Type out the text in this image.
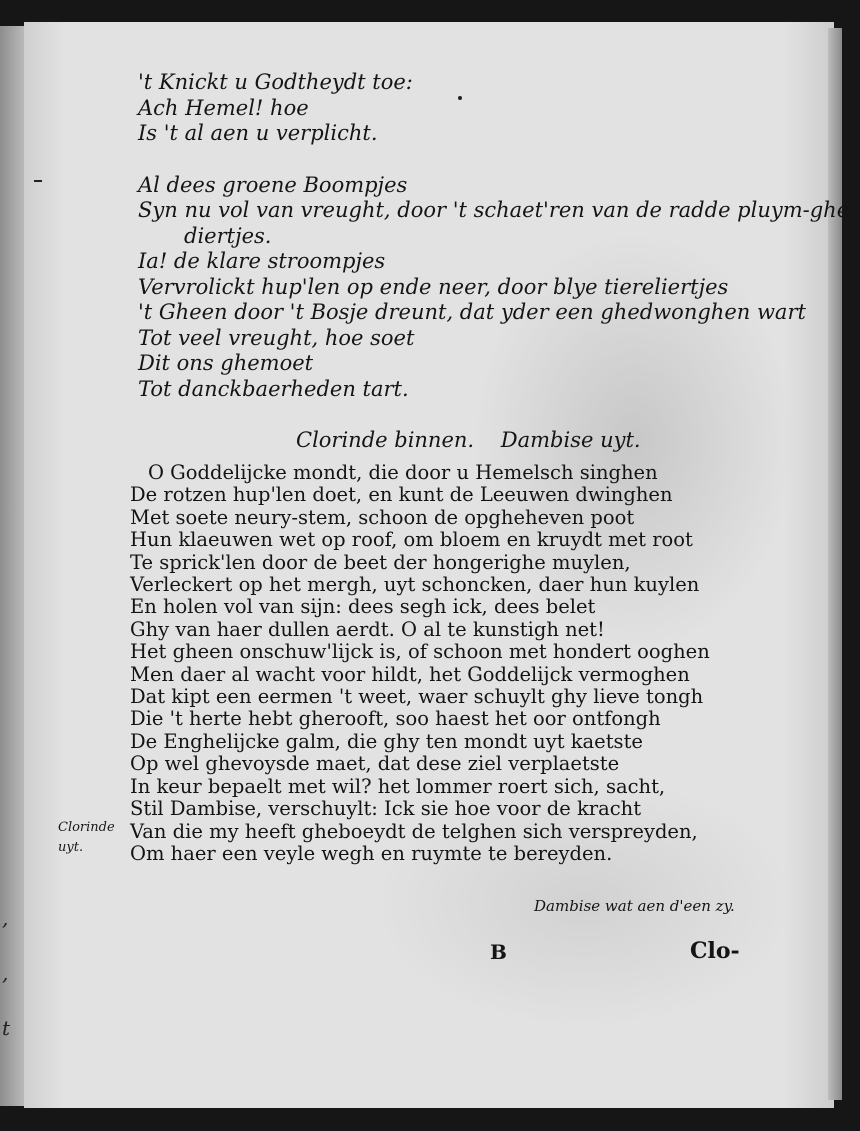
,
,
t
't Knickt u Godtheydt toe:
Ach Hemel! hoe
Is 't al aen u verplicht.
Al dees groene Boompjes
Syn nu vol van vreught, door 't schaet'ren van de radde pluym-ghe-
diertjes.
Ia! de klare stroompjes
Vervrolickt hup'len op ende neer, door blye tiereliertjes
't Gheen door 't Bosje dreunt, dat yder een ghedwonghen wart
Tot veel vreught, hoe soet
Dit ons ghemoet
Tot danckbaerheden tart.
Clorinde binnen. Dambise uyt.
O Goddelijcke mondt, die door u Hemelsch singhen
De rotzen hup'len doet, en kunt de Leeuwen dwinghen
Met soete neury-stem, schoon de opgheheven poot
Hun klaeuwen wet op roof, om bloem en kruydt met root
Te sprick'len door de beet der hongerighe muylen,
Verleckert op het mergh, uyt schoncken, daer hun kuylen
En holen vol van sijn: dees segh ick, dees belet
Ghy van haer dullen aerdt. O al te kunstigh net!
Het gheen onschuw'lijck is, of schoon met hondert ooghen
Men daer al wacht voor hildt, het Goddelijck vermoghen
Dat kipt een eermen 't weet, waer schuylt ghy lieve tongh
Die 't herte hebt gherooft, soo haest het oor ontfongh
De Enghelijcke galm, die ghy ten mondt uyt kaetste
Op wel ghevoysde maet, dat dese ziel verplaetste
In keur bepaelt met wil? het lommer roert sich, sacht,
Stil Dambise, verschuylt: Ick sie hoe voor de kracht
Van die my heeft gheboeydt de telghen sich verspreyden,
Om haer een veyle wegh en ruymte te bereyden.
Clorinde
uyt.
Dambise wat aen d'een zy.
B	Clo-
